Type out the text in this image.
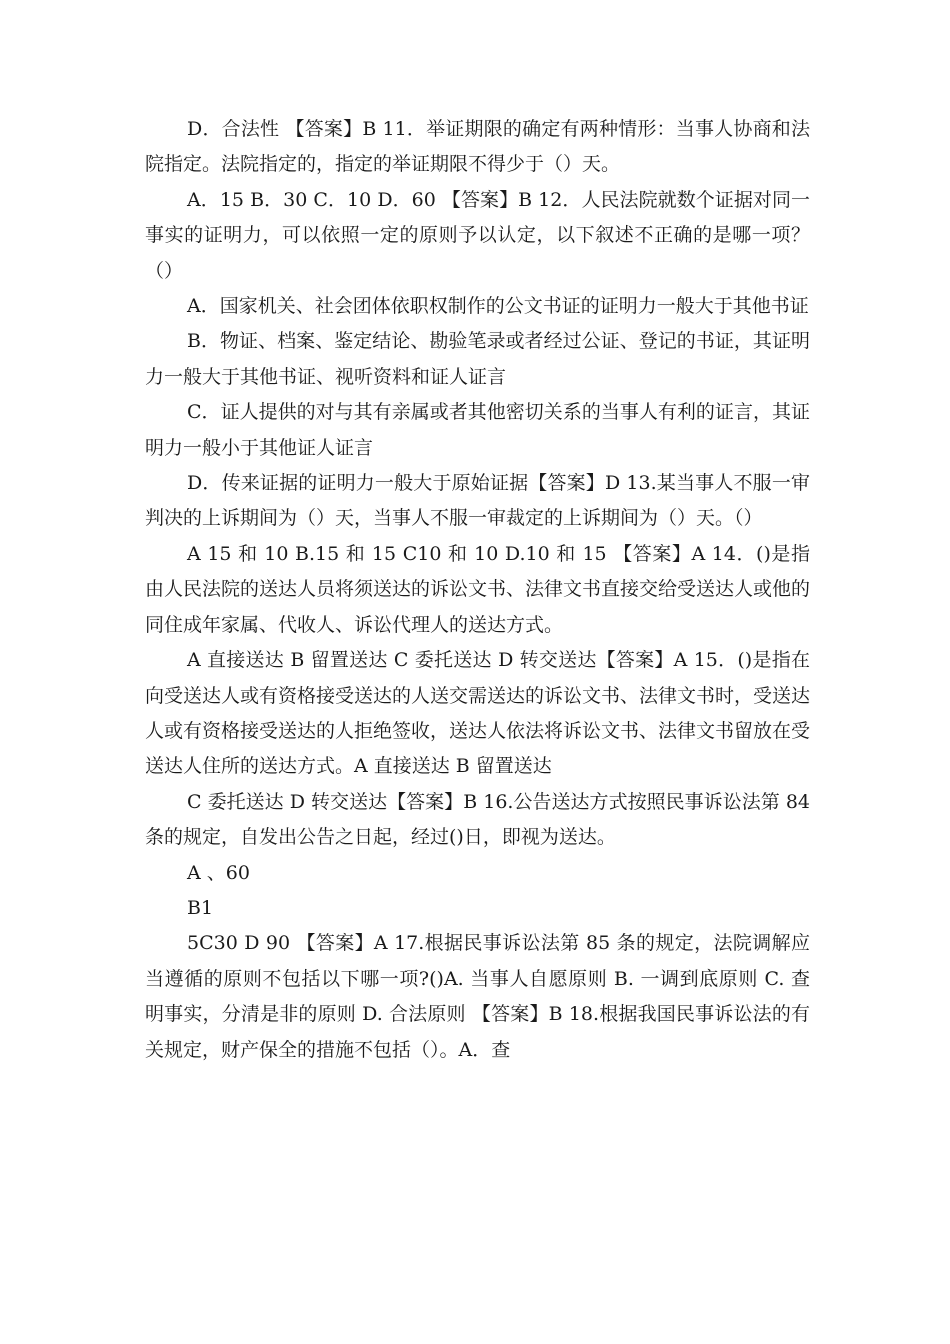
D．合法性 【答案】B 11．举证期限的确定有两种情形：当事人协商和法院指定。法院指定的，指定的举证期限不得少于（）天。

A．15 B．30 C．10 D．60 【答案】B 12．人民法院就数个证据对同一事实的证明力，可以依照一定的原则予以认定，以下叙述不正确的是哪一项？（）

A．国家机关、社会团体依职权制作的公文书证的证明力一般大于其他书证

B．物证、档案、鉴定结论、勘验笔录或者经过公证、登记的书证，其证明力一般大于其他书证、视听资料和证人证言

C．证人提供的对与其有亲属或者其他密切关系的当事人有利的证言，其证明力一般小于其他证人证言

D．传来证据的证明力一般大于原始证据【答案】D 13.某当事人不服一审判决的上诉期间为（）天，当事人不服一审裁定的上诉期间为（）天。（）

A 15 和 10 B.15 和 15 C10 和 10 D.10 和 15 【答案】A 14．()是指由人民法院的送达人员将须送达的诉讼文书、法律文书直接交给受送达人或他的同住成年家属、代收人、诉讼代理人的送达方式。

A 直接送达 B 留置送达 C 委托送达 D 转交送达【答案】A 15．()是指在向受送达人或有资格接受送达的人送交需送达的诉讼文书、法律文书时，受送达人或有资格接受送达的人拒绝签收，送达人依法将诉讼文书、法律文书留放在受送达人住所的送达方式。A 直接送达 B 留置送达

C 委托送达 D 转交送达【答案】B 16.公告送达方式按照民事诉讼法第 84 条的规定，自发出公告之日起，经过()日，即视为送达。

A 、60

B1

5C30 D 90 【答案】A 17.根据民事诉讼法第 85 条的规定，法院调解应当遵循的原则不包括以下哪一项?()A. 当事人自愿原则 B. 一调到底原则 C. 查明事实，分清是非的原则 D. 合法原则 【答案】B 18.根据我国民事诉讼法的有关规定，财产保全的措施不包括（）。A．查
